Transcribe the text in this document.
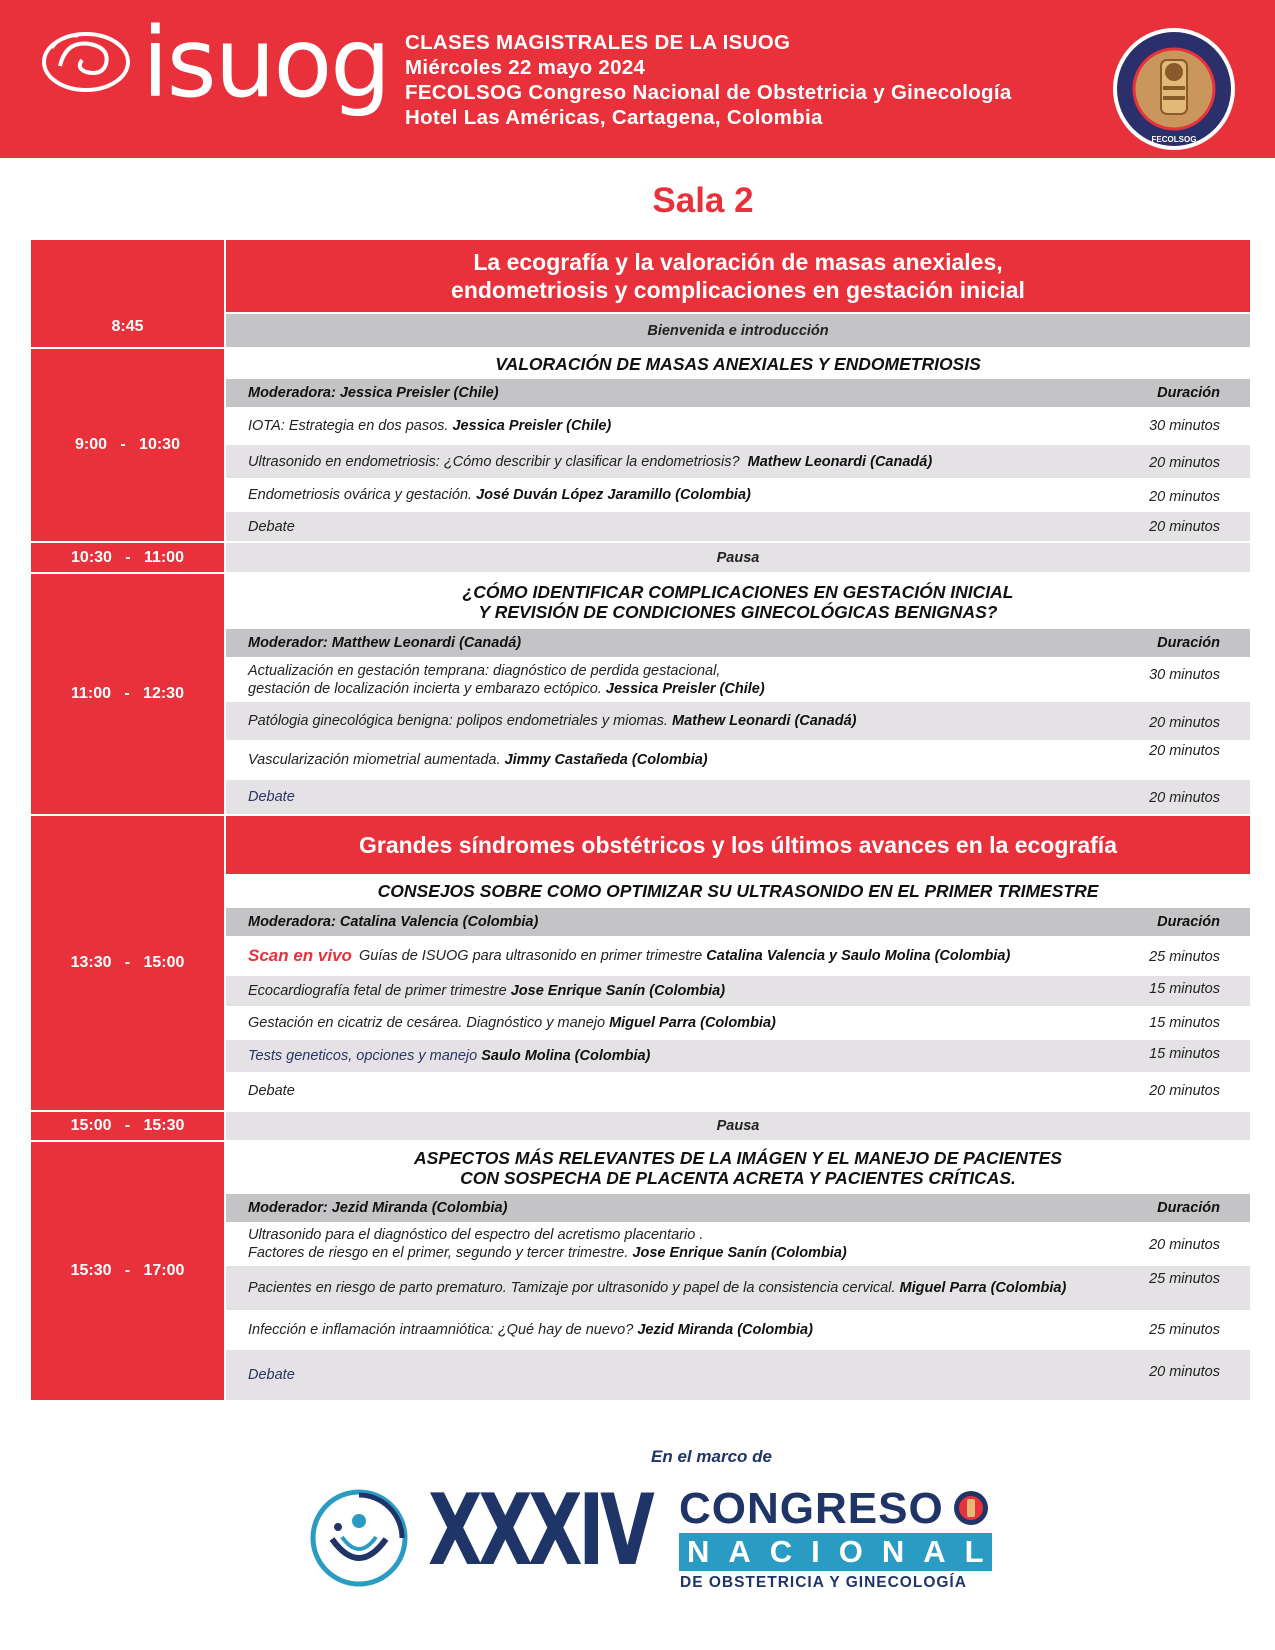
isuog CLASES MAGISTRALES DE LA ISUOG
Miércoles 22 mayo 2024
FECOLSOG Congreso Nacional de Obstetricia y Ginecología
Hotel Las Américas, Cartagena, Colombia
FECOLSOG
Sala 2
8:45
La ecografía y la valoración de masas anexiales,
endometriosis y complicaciones en gestación inicial
Bienvenida e introducción
9:00   -   10:30
VALORACIÓN DE MASAS ANEXIALES Y ENDOMETRIOSIS
Moderadora: Jessica Preisler (Chile)	Duración
IOTA: Estrategia en dos pasos.
Jessica Preisler (Chile)	30 minutos
Ultrasonido en endometriosis: ¿Cómo describir y clasificar la endometriosis?
Mathew Leonardi (Canadá)	20 minutos
Endometriosis ovárica y gestación.
José Duván López Jaramillo (Colombia)	20 minutos
Debate	20 minutos
10:30   -   11:00	Pausa
11:00   -   12:30
¿CÓMO IDENTIFICAR COMPLICACIONES EN GESTACIÓN INICIAL
Y REVISIÓN DE CONDICIONES GINECOLÓGICAS BENIGNAS?
Moderador: Matthew Leonardi (Canadá)	Duración
Actualización en gestación temprana: diagnóstico de perdida gestacional,
gestación de localización incierta y embarazo ectópico. Jessica Preisler (Chile)
30 minutos
Patólogia ginecológica benigna: polipos endometriales y miomas.
Mathew Leonardi (Canadá)	20 minutos
Vascularización miometrial aumentada.
Jimmy Castañeda (Colombia)
20 minutos
Debate	20 minutos
13:30   -   15:00
Grandes síndromes obstétricos y los últimos avances en la ecografía
CONSEJOS SOBRE COMO OPTIMIZAR SU ULTRASONIDO EN EL PRIMER TRIMESTRE
Moderadora: Catalina Valencia (Colombia)	Duración
Scan en vivo Guías de ISUOG para ultrasonido en primer trimestre
Catalina Valencia y Saulo Molina (Colombia)	25 minutos
Ecocardiografía fetal de primer trimestre
Jose Enrique Sanín (Colombia)	15 minutos
Gestación en cicatriz de cesárea. Diagnóstico y manejo
Miguel Parra (Colombia)	15 minutos
Tests geneticos, opciones y manejo
Saulo Molina (Colombia)	15 minutos
Debate	20 minutos
15:00   -   15:30	Pausa
15:30   -   17:00
ASPECTOS MÁS RELEVANTES DE LA IMÁGEN Y EL MANEJO DE PACIENTES
CON SOSPECHA DE PLACENTA ACRETA Y PACIENTES CRÍTICAS.
Moderador: Jezid Miranda (Colombia)	Duración
Ultrasonido para el diagnóstico del espectro del acretismo placentario .
Factores de riesgo en el primer, segundo y tercer trimestre. Jose Enrique Sanín (Colombia)	20 minutos
Pacientes en riesgo de parto prematuro. Tamizaje por ultrasonido y papel de la consistencia cervical.
Miguel Parra (Colombia)
25 minutos
Infección e inflamación intraamniótica: ¿Qué hay de nuevo?
Jezid Miranda (Colombia)	25 minutos
Debate	20 minutos
En el marco de
XXXIV CONGRESO
NACIONAL
DE OBSTETRICIA Y GINECOLOGÍA
